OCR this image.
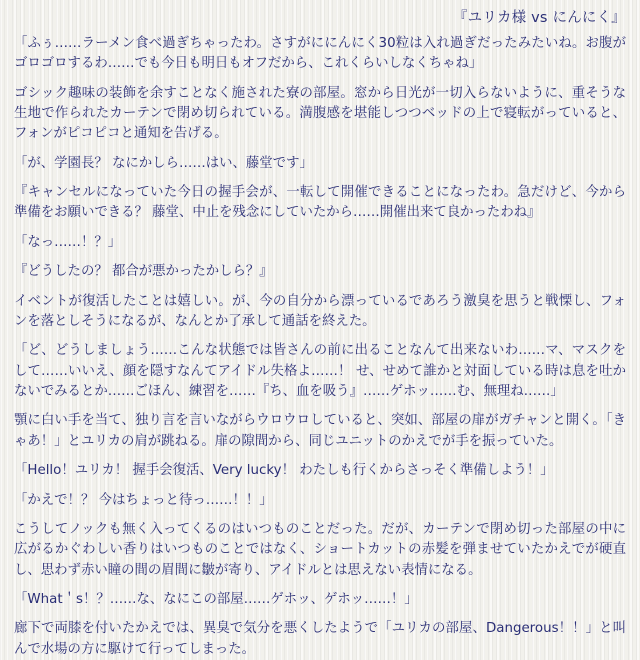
『ユリカ様 vs にんにく』

「ふぅ……ラーメン食べ過ぎちゃったわ。さすがににんにく30粒は入れ過ぎだったみたいね。お腹がゴロゴロするわ……でも今日も明日もオフだから、これくらいしなくちゃね」

ゴシック趣味の装飾を余すことなく施された寮の部屋。窓から日光が一切入らないように、重そうな生地で作られたカーテンで閉め切られている。満腹感を堪能しつつベッドの上で寝転がっていると、フォンがピコピコと通知を告げる。

「が、学園長？ なにかしら……はい、藤堂です」

『キャンセルになっていた今日の握手会が、一転して開催できることになったわ。急だけど、今から準備をお願いできる？ 藤堂、中止を残念にしていたから……開催出来て良かったわね』

「なっ……！？」

『どうしたの？ 都合が悪かったかしら？』

イベントが復活したことは嬉しい。が、今の自分から漂っているであろう激臭を思うと戦慄し、フォンを落としそうになるが、なんとか了承して通話を終えた。

「ど、どうしましょう……こんな状態では皆さんの前に出ることなんて出来ないわ……マ、マスクをして……いいえ、顔を隠すなんてアイドル失格よ……！ せ、せめて誰かと対面している時は息を吐かないでみるとか……ごほん、練習を……『ち、血を吸う』……ゲホッ……む、無理ね……」

顎に白い手を当て、独り言を言いながらウロウロしていると、突如、部屋の扉がガチャンと開く。「きゃあ！」とユリカの肩が跳ねる。扉の隙間から、同じユニットのかえでが手を振っていた。

「Hello！ユリカ！ 握手会復活、Very lucky！ わたしも行くからさっそく準備しよう！」

「かえで！？ 今はちょっと待っ……！！」

こうしてノックも無く入ってくるのはいつものことだった。だが、カーテンで閉め切った部屋の中に広がるかぐわしい香りはいつものことではなく、ショートカットの赤髪を弾ませていたかえでが硬直し、思わず赤い瞳の間の眉間に皺が寄り、アイドルとは思えない表情になる。

「What＇s！？……な、なにこの部屋……ゲホッ、ゲホッ……！」

廊下で両膝を付いたかえでは、異臭で気分を悪くしたようで「ユリカの部屋、Dangerous！！」と叫んで水場の方に駆けて行ってしまった。
